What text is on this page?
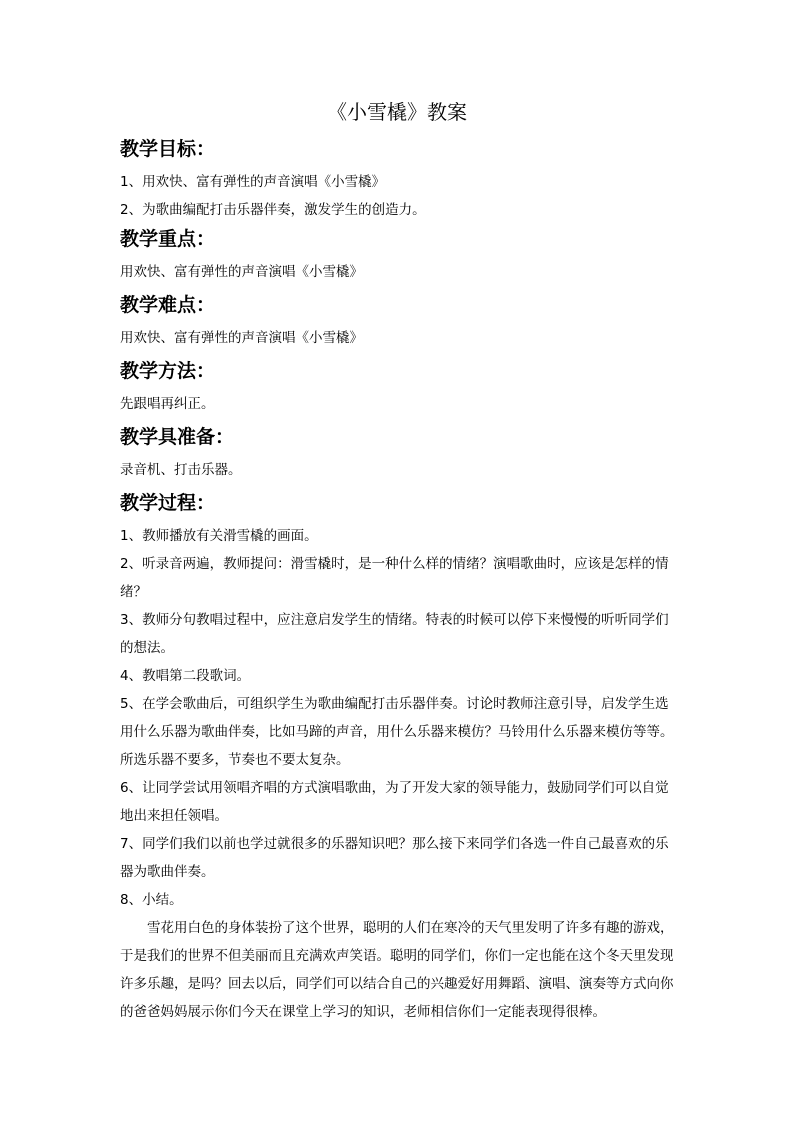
《小雪橇》教案
教学目标：

1、用欢快、富有弹性的声音演唱《小雪橇》

2、为歌曲编配打击乐器伴奏，激发学生的创造力。

教学重点：

用欢快、富有弹性的声音演唱《小雪橇》

教学难点：

用欢快、富有弹性的声音演唱《小雪橇》

教学方法：

先跟唱再纠正。

教学具准备：

录音机、打击乐器。

教学过程：

1、教师播放有关滑雪橇的画面。

2、听录音两遍，教师提问：滑雪橇时，是一种什么样的情绪？演唱歌曲时，应该是怎样的情绪？

3、教师分句教唱过程中，应注意启发学生的情绪。特表的时候可以停下来慢慢的听听同学们的想法。

4、教唱第二段歌词。

5、在学会歌曲后，可组织学生为歌曲编配打击乐器伴奏。讨论时教师注意引导，启发学生选用什么乐器为歌曲伴奏，比如马蹄的声音，用什么乐器来模仿？马铃用什么乐器来模仿等等。所选乐器不要多，节奏也不要太复杂。

6、让同学尝试用领唱齐唱的方式演唱歌曲，为了开发大家的领导能力，鼓励同学们可以自觉地出来担任领唱。

7、同学们我们以前也学过就很多的乐器知识吧？那么接下来同学们各选一件自己最喜欢的乐器为歌曲伴奏。

8、小结。

雪花用白色的身体装扮了这个世界，聪明的人们在寒冷的天气里发明了许多有趣的游戏，于是我们的世界不但美丽而且充满欢声笑语。聪明的同学们，你们一定也能在这个冬天里发现许多乐趣，是吗？回去以后，同学们可以结合自己的兴趣爱好用舞蹈、演唱、演奏等方式向你的爸爸妈妈展示你们今天在课堂上学习的知识，老师相信你们一定能表现得很棒。
